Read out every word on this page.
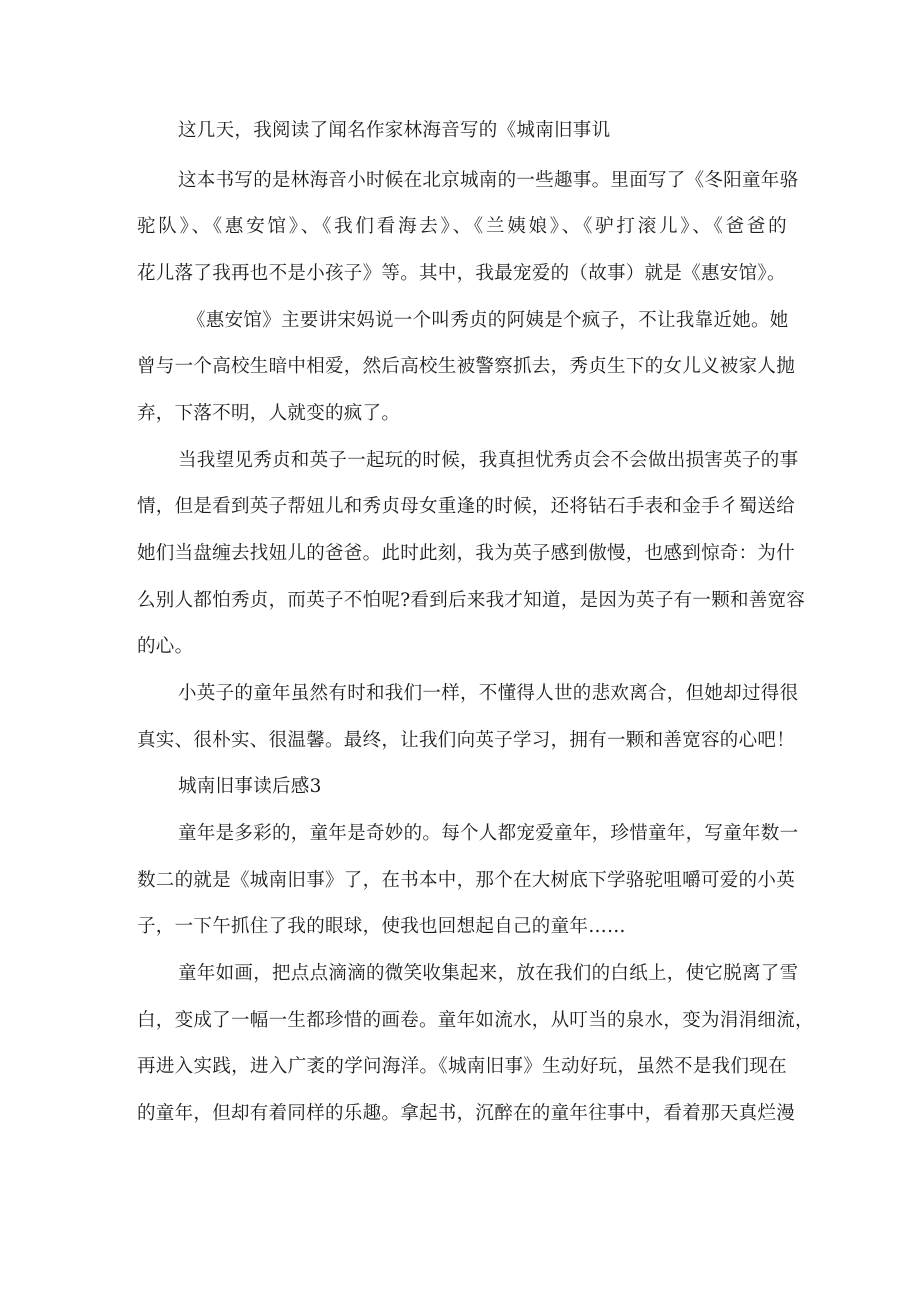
这几天，我阅读了闻名作家林海音写的《城南旧事讥
这本书写的是林海音小时候在北京城南的一些趣事。里面写了《冬阳童年骆
驼队》、《惠安馆》、《我们看海去》、《兰姨娘》、《驴打滚儿》、《爸爸的
花儿落了我再也不是小孩子》等。其中，我最宠爱的（故事）就是《惠安馆》。
《惠安馆》主要讲宋妈说一个叫秀贞的阿姨是个疯子，不让我靠近她。她
曾与一个高校生暗中相爱，然后高校生被警察抓去，秀贞生下的女儿义被家人抛
弃，下落不明，人就变的疯了。
当我望见秀贞和英子一起玩的时候，我真担忧秀贞会不会做出损害英子的事
情，但是看到英子帮妞儿和秀贞母女重逢的时候，还将钻石手表和金手彳蜀送给
她们当盘缠去找妞儿的爸爸。此时此刻，我为英子感到傲慢，也感到惊奇：为什
么别人都怕秀贞，而英子不怕呢?看到后来我才知道，是因为英子有一颗和善宽容
的心。
小英子的童年虽然有时和我们一样，不懂得人世的悲欢离合，但她却过得很
真实、很朴实、很温馨。最终，让我们向英子学习，拥有一颗和善宽容的心吧！
城南旧事读后感3
童年是多彩的，童年是奇妙的。每个人都宠爱童年，珍惜童年，写童年数一
数二的就是《城南旧事》了，在书本中，那个在大树底下学骆驼咀嚼可爱的小英
子，一下午抓住了我的眼球，使我也回想起自己的童年……
童年如画，把点点滴滴的微笑收集起来，放在我们的白纸上，使它脱离了雪
白，变成了一幅一生都珍惜的画卷。童年如流水，从叮当的泉水，变为涓涓细流，
再进入实践，进入广袤的学问海洋。《城南旧事》生动好玩，虽然不是我们现在
的童年，但却有着同样的乐趣。拿起书，沉醉在的童年往事中，看着那天真烂漫
